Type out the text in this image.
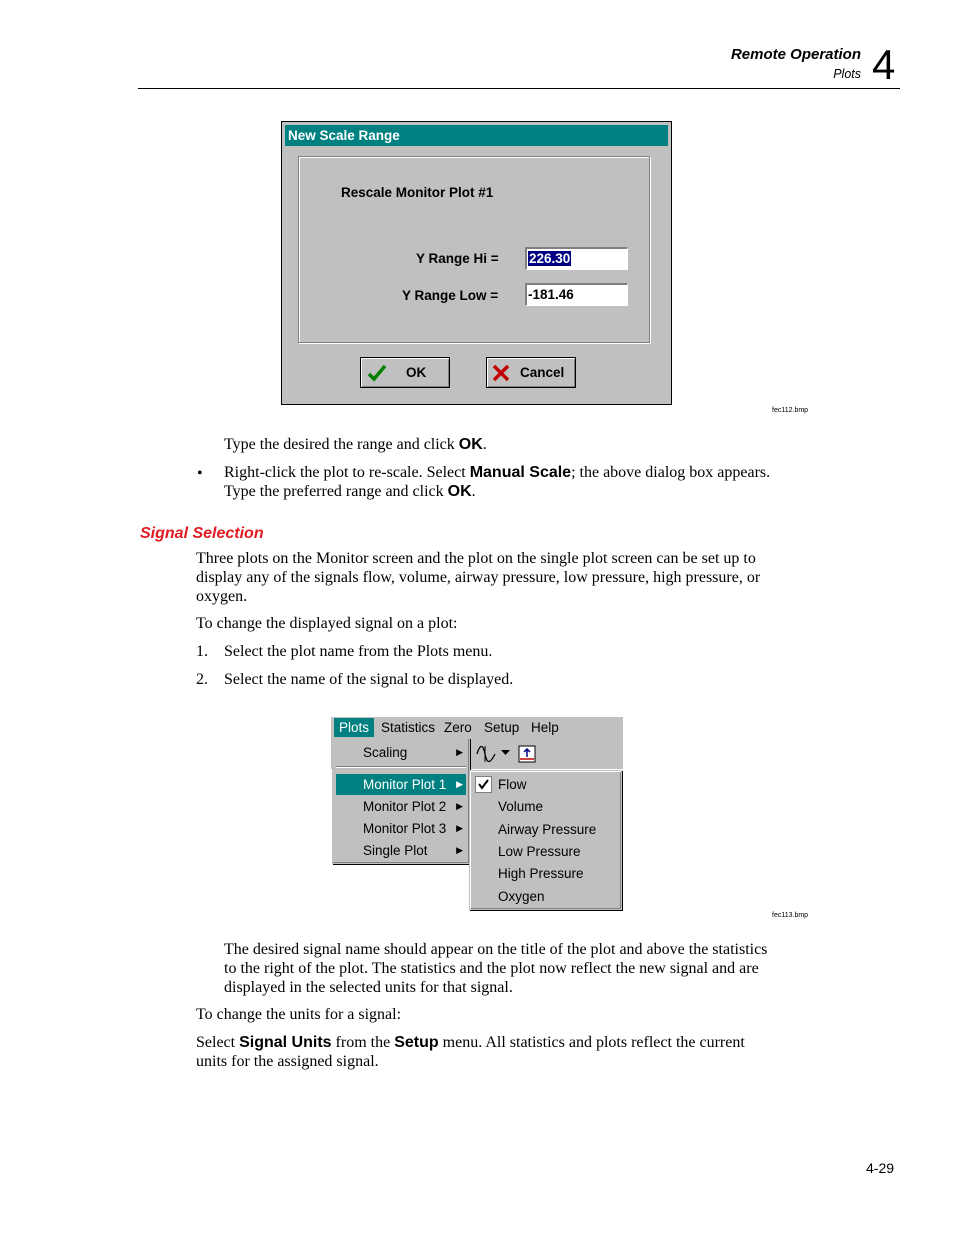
Remote Operation
Plots 4
New Scale Range
Rescale Monitor Plot #1
Y Range Hi = 226.30
Y Range Low = -181.46
OK	Cancel
fec112.bmp
Type the desired the range and click OK.
• Right-click the plot to re-scale. Select Manual Scale; the above dialog box appears.
Type the preferred range and click OK.
Signal Selection
Three plots on the Monitor screen and the plot on the single plot screen can be set up to
display any of the signals flow, volume, airway pressure, low pressure, high pressure, or
oxygen.
To change the displayed signal on a plot:
1. Select the plot name from the Plots menu.
2. Select the name of the signal to be displayed.
Plots Statistics Zero Setup Help
Scaling	▶
Monitor Plot 1 ▶
Monitor Plot 2 ▶
Monitor Plot 3 ▶
Single Plot	▶
Flow
Volume
Airway Pressure
Low Pressure
High Pressure
Oxygen
fec113.bmp
The desired signal name should appear on the title of the plot and above the statistics
to the right of the plot. The statistics and the plot now reflect the new signal and are
displayed in the selected units for that signal.
To change the units for a signal:
Select Signal Units from the Setup menu. All statistics and plots reflect the current
units for the assigned signal.
4-29
